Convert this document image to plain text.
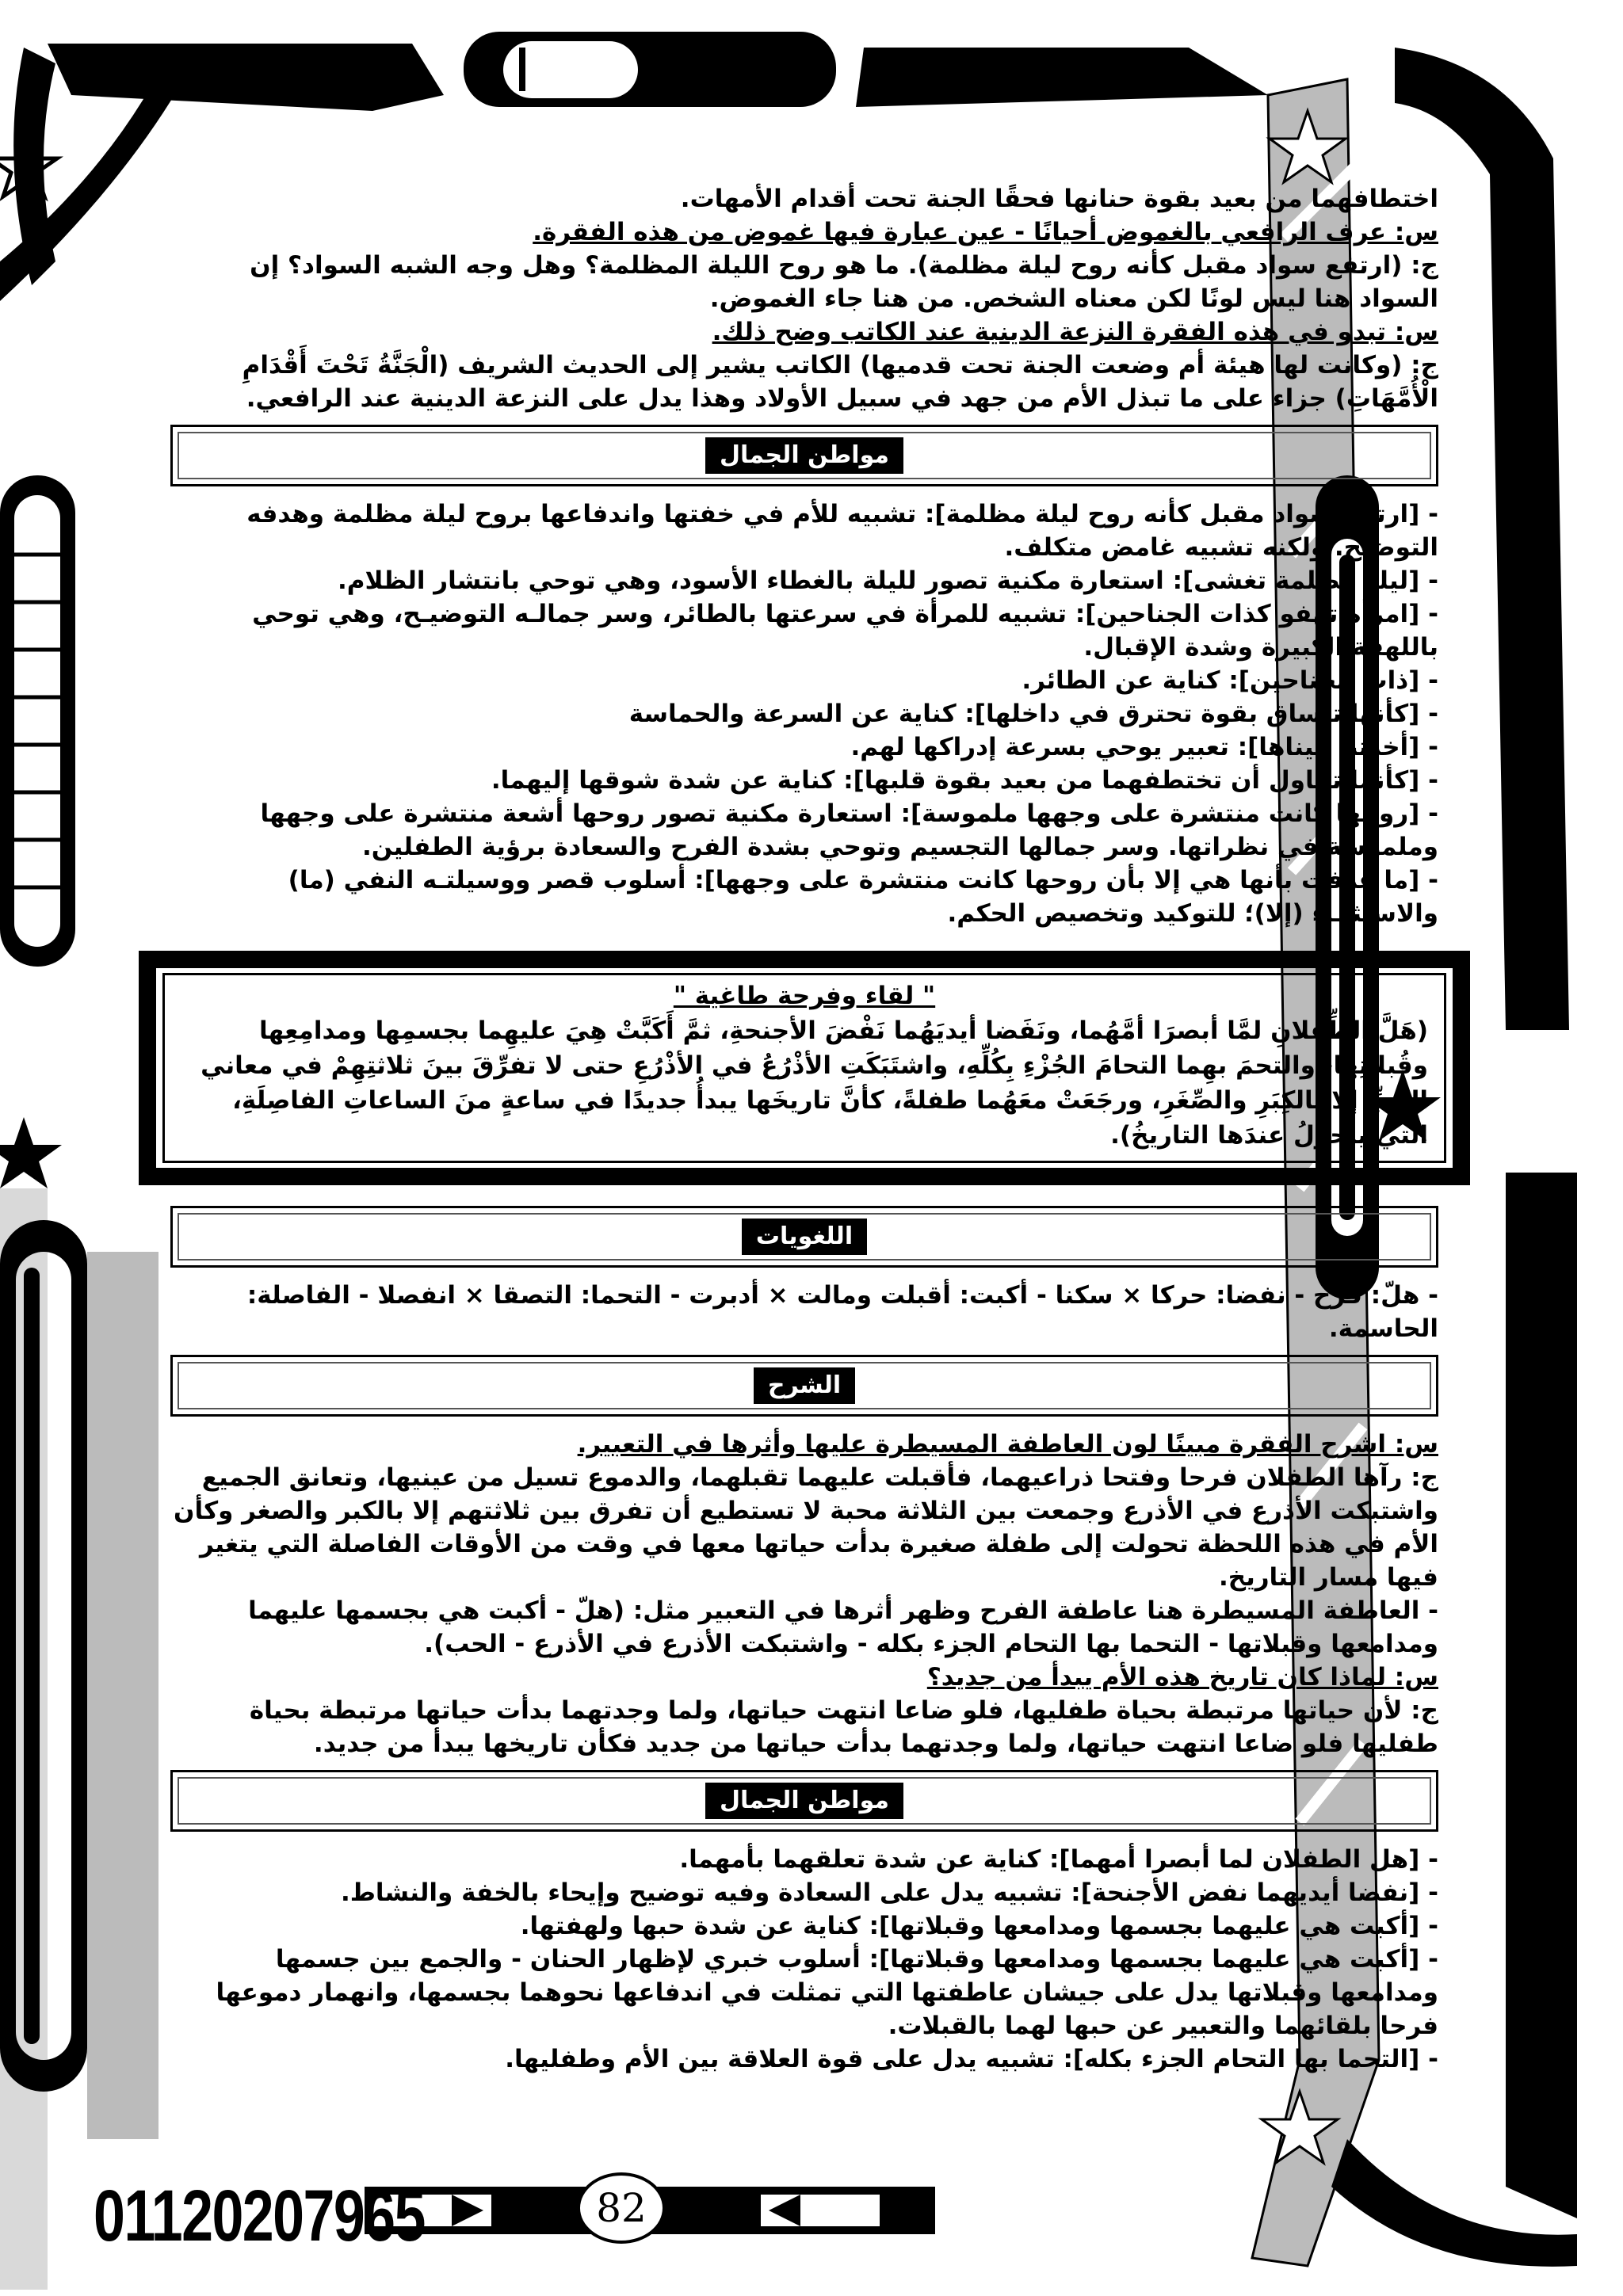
اختطافهما من بعيد بقوة حنانها فحقًا الجنة تحت أقدام الأمهات.

س: عرف الرافعي بالغموض أحيانًا - عين عبارة فيها غموض من هذه الفقرة.

ج: (ارتفع سواد مقبل كأنه روح ليلة مظلمة). ما هو روح الليلة المظلمة؟ وهل وجه الشبه السواد؟ إن السواد هنا ليس لونًا لكن معناه الشخص. من هنا جاء الغموض.

س: تبدو في هذه الفقرة النزعة الدينية عند الكاتب وضح ذلك.

ج: (وكانت لها هيئة أم وضعت الجنة تحت قدميها) الكاتب يشير إلى الحديث الشريف (الْجَنَّةُ تَحْتَ أَقْدَامِ الْأُمَّهَاتِ) جزاء على ما تبذل الأم من جهد في سبيل الأولاد وهذا يدل على النزعة الدينية عند الرافعي.

مواطن الجمال

- [ارتفع سواد مقبل كأنه روح ليلة مظلمة]: تشبيه للأم في خفتها واندفاعها بروح ليلة مظلمة وهدفه التوضيح. ولكنه تشبيه غامض متكلف.

- [ليلة مظلمة تغشى]: استعارة مكنية تصور لليلة بالغطاء الأسود، وهي توحي بانتشار الظلام.

- [امرأة تهفو كذات الجناحين]: تشبيه للمرأة في سرعتها بالطائر، وسر جمالـه التوضيـح، وهي توحي باللهفة الكبيرة وشدة الإقبال.

- [ذات الجناحين]: كناية عن الطائر.

- [كأنها تنساق بقوة تحترق في داخلها]: كناية عن السرعة والحماسة

- [أخذتنا عيناها]: تعبير يوحي بسرعة إدراكها لهم.

- [كأنما تحاول أن تختطفهما من بعيد بقوة قلبها]: كناية عن شدة شوقها إليهما.

- [روحها كانت منتشرة على وجهها ملموسة]: استعارة مكنية تصور روحها أشعة منتشرة على وجهها وملموسة في نظراتها. وسر جمالها التجسيم وتوحي بشدة الفرح والسعادة برؤية الطفلين.

- [ما عرفت بأنها هي إلا بأن روحها كانت منتشرة على وجهها]: أسلوب قصر ووسيلتـه النفي (ما) والاستثنـاء (إلا)؛ للتوكيد وتخصيص الحكم.

" لقاء وفرحة طاغية "

(هَلَّ الطِّفلانِ لمَّا أبصرَا أمَّهُما، ونَفَضا أيديَهُما نَفْضَ الأجنحةِ، ثمَّ أَكَبَّتْ هِيَ عليهِما بجسمِها ومدامِعِها وقُبلاتِها، والتحمَ بهِما التحامَ الجُزْءِ بِكُلِّهِ، واشتَبَكَتِ الأذْرُعُ في الأذْرُعِ حتى لا تفرِّقَ بينَ ثلاثتِهِمْ في معاني الحُبِّ إلا بالكِبَرِ والصِّغَرِ، ورجَعَتْ معَهُما طفلةً، كأنَّ تاريخَها يبدأُ جديدًا في ساعةٍ منَ الساعاتِ الفاصِلَةِ، التي يتحوَّلُ عندَها التاريخُ).

اللغويات

- هلّ: فرح - نفضا: حركا × سكنا - أكبت: أقبلت ومالت × أدبرت - التحما: التصقا × انفصلا - الفاصلة: الحاسمة.

الشرح

س: اشرح الفقرة مبينًا لون العاطفة المسيطرة عليها وأثرها في التعبير.

ج: رآها الطفلان فرحا وفتحا ذراعيهما، فأقبلت عليهما تقبلهما، والدموع تسيل من عينيها، وتعانق الجميع واشتبكت الأذرع في الأذرع وجمعت بين الثلاثة محبة لا تستطيع أن تفرق بين ثلاثتهم إلا بالكبر والصغر وكأن الأم في هذه اللحظة تحولت إلى طفلة صغيرة بدأت حياتها معها في وقت من الأوقات الفاصلة التي يتغير فيها مسار التاريخ.

- العاطفة المسيطرة هنا عاطفة الفرح وظهر أثرها في التعبير مثل: (هلّ - أكبت هي بجسمها عليهما ومدامعها وقبلاتها - التحما بها التحام الجزء بكله - واشتبكت الأذرع في الأذرع - الحب).

س: لماذا كان تاريخ هذه الأم يبدأ من جديد؟

ج: لأن حياتها مرتبطة بحياة طفليها، فلو ضاعا انتهت حياتها، ولما وجدتهما بدأت حياتها مرتبطة بحياة طفليها فلو ضاعا انتهت حياتها، ولما وجدتهما بدأت حياتها من جديد فكأن تاريخها يبدأ من جديد.

مواطن الجمال

- [هل الطفلان لما أبصرا أمهما]: كناية عن شدة تعلقهما بأمهما.

- [نفضا أيديهما نفض الأجنحة]: تشبيه يدل على السعادة وفيه توضيح وإيحاء بالخفة والنشاط.

- [أكبت هي عليهما بجسمها ومدامعها وقبلاتها]: كناية عن شدة حبها ولهفتها.

- [أكبت هي عليهما بجسمها ومدامعها وقبلاتها]: أسلوب خبري لإظهار الحنان - والجمع بين جسمها ومدامعها وقبلاتها يدل على جيشان عاطفتها التي تمثلت في اندفاعها نحوهما بجسمها، وانهمار دموعها فرحا بلقائهما والتعبير عن حبها لهما بالقبلات.

- [التحما بها التحام الجزء بكله]: تشبيه يدل على قوة العلاقة بين الأم وطفليها.

01120207965	82
